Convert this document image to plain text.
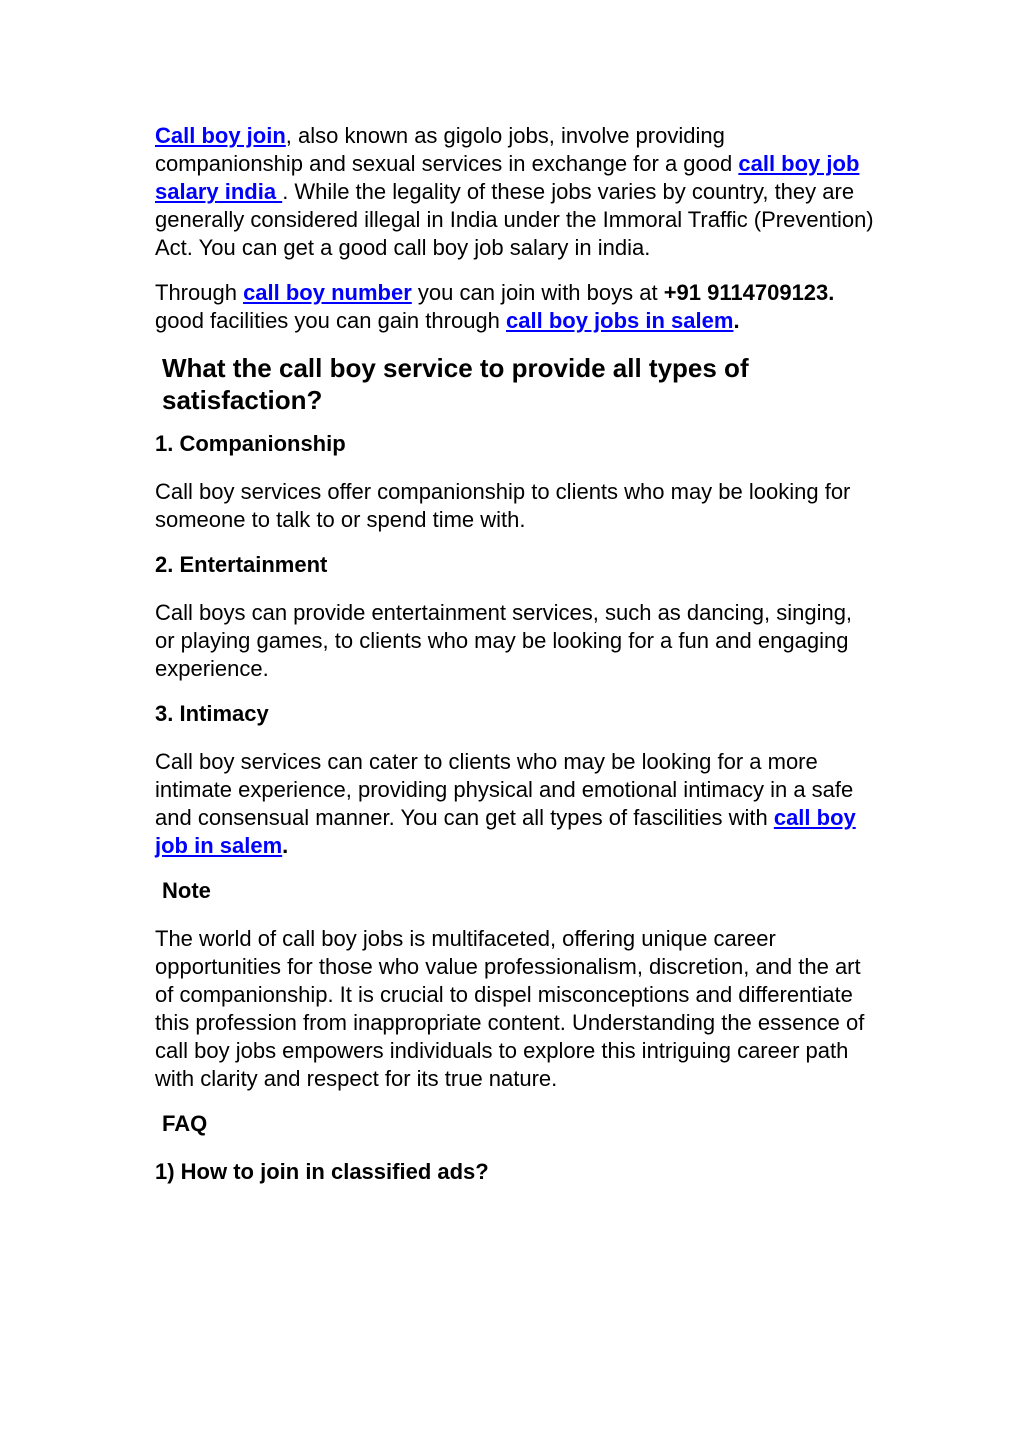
Call boy join, also known as gigolo jobs, involve providing companionship and sexual services in exchange for a good call boy job salary india . While the legality of these jobs varies by country, they are generally considered illegal in India under the Immoral Traffic (Prevention) Act. You can get a good call boy job salary in india.

Through call boy number you can join with boys at +91 9114709123. good facilities you can gain through call boy jobs in salem.

What the call boy service to provide all types of satisfaction?
1. Companionship

Call boy services offer companionship to clients who may be looking for someone to talk to or spend time with.

2. Entertainment

Call boys can provide entertainment services, such as dancing, singing, or playing games, to clients who may be looking for a fun and engaging experience.

3. Intimacy

Call boy services can cater to clients who may be looking for a more intimate experience, providing physical and emotional intimacy in a safe and consensual manner. You can get all types of fascilities with call boy job in salem.

Note

The world of call boy jobs is multifaceted, offering unique career opportunities for those who value professionalism, discretion, and the art of companionship. It is crucial to dispel misconceptions and differentiate this profession from inappropriate content. Understanding the essence of call boy jobs empowers individuals to explore this intriguing career path with clarity and respect for its true nature.

FAQ
1) How to join in classified ads?
